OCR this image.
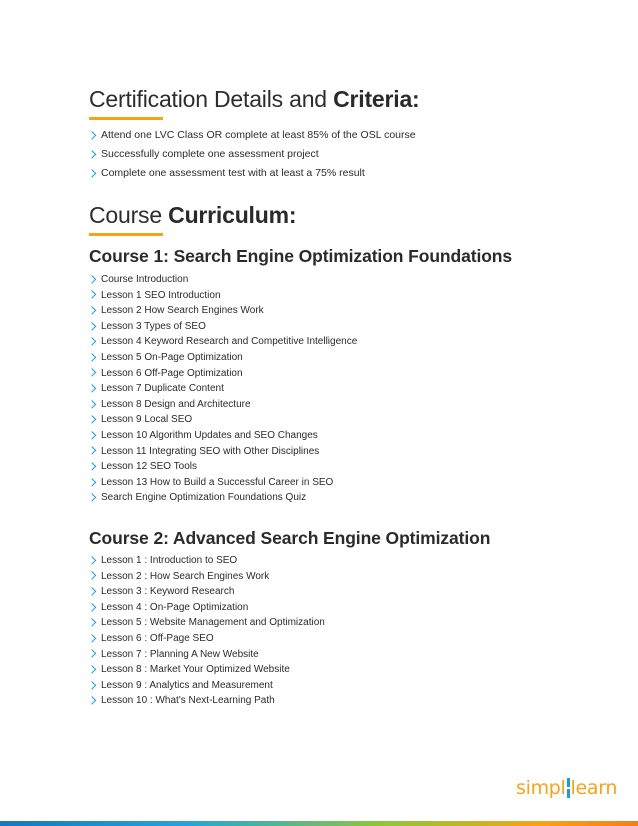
Certification Details and Criteria:
Attend one LVC Class OR complete at least 85% of the OSL course
Successfully complete one assessment project
Complete one assessment test with at least a 75% result
Course Curriculum:
Course 1: Search Engine Optimization Foundations
Course Introduction
Lesson 1 SEO Introduction
Lesson 2 How Search Engines Work
Lesson 3 Types of SEO
Lesson 4 Keyword Research and Competitive Intelligence
Lesson 5 On-Page Optimization
Lesson 6 Off-Page Optimization
Lesson 7 Duplicate Content
Lesson 8 Design and Architecture
Lesson 9 Local SEO
Lesson 10 Algorithm Updates and SEO Changes
Lesson 11 Integrating SEO with Other Disciplines
Lesson 12 SEO Tools
Lesson 13 How to Build a Successful Career in SEO
Search Engine Optimization Foundations Quiz
Course 2: Advanced Search Engine Optimization
Lesson 1 : Introduction to SEO
Lesson 2 : How Search Engines Work
Lesson 3 : Keyword Research
Lesson 4 : On-Page Optimization
Lesson 5 : Website Management and Optimization
Lesson 6 : Off-Page SEO
Lesson 7 : Planning A New Website
Lesson 8 : Market Your Optimized Website
Lesson 9 : Analytics and Measurement
Lesson 10 : What's Next-Learning Path
simpl learn
